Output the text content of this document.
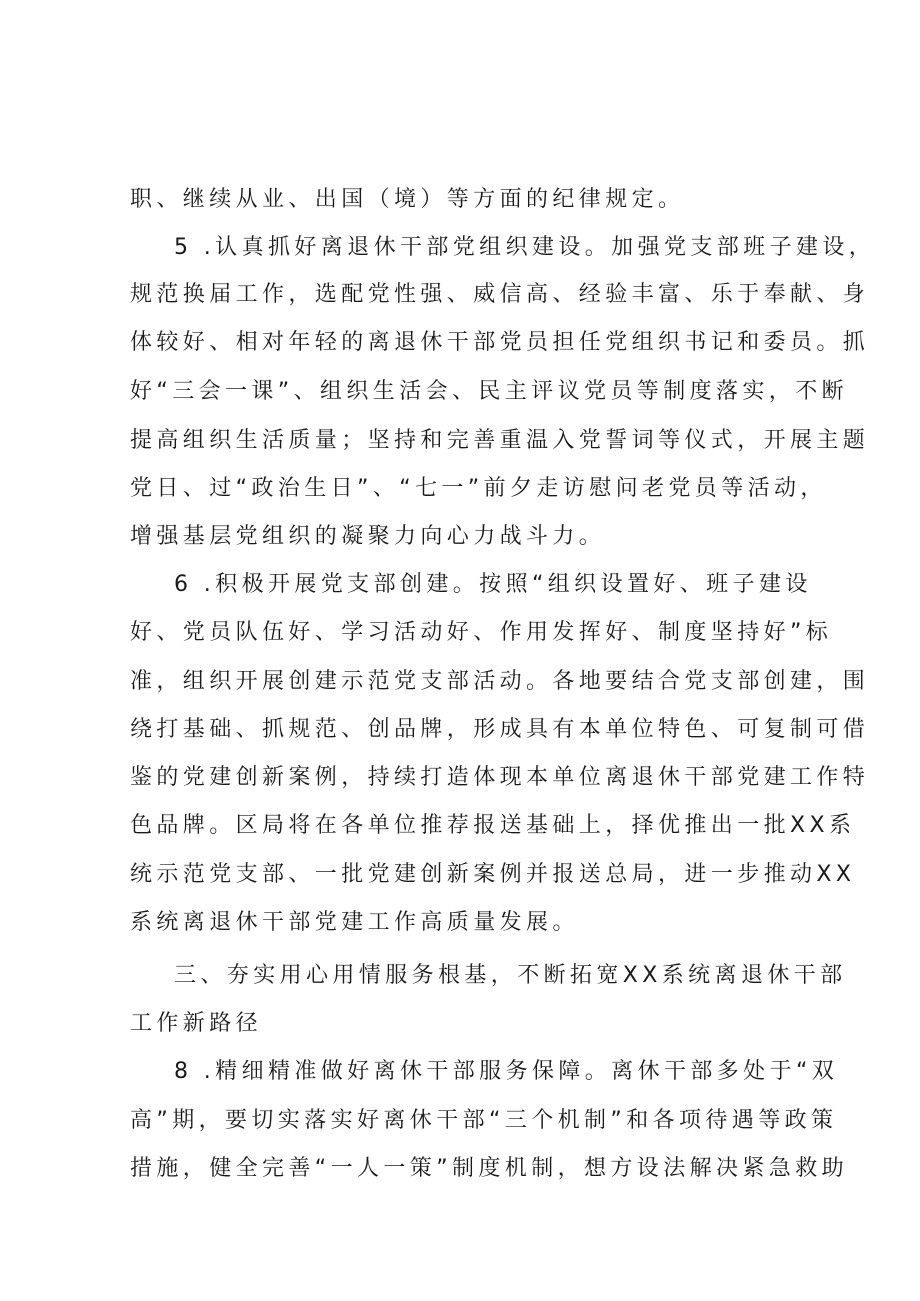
职、继续从业、出国（境）等方面的纪律规定。
5 .认真抓好离退休干部党组织建设。加强党支部班子建设，
规范换届工作，选配党性强、威信高、经验丰富、乐于奉献、身
体较好、相对年轻的离退休干部党员担任党组织书记和委员。抓
好“三会一课”、组织生活会、民主评议党员等制度落实，不断
提高组织生活质量；坚持和完善重温入党誓词等仪式，开展主题
党日、过“政治生日”、“七一”前夕走访慰问老党员等活动，
增强基层党组织的凝聚力向心力战斗力。
6 .积极开展党支部创建。按照“组织设置好、班子建设
好、党员队伍好、学习活动好、作用发挥好、制度坚持好”标
准，组织开展创建示范党支部活动。各地要结合党支部创建，围
绕打基础、抓规范、创品牌，形成具有本单位特色、可复制可借
鉴的党建创新案例，持续打造体现本单位离退休干部党建工作特
色品牌。区局将在各单位推荐报送基础上，择优推出一批XX系
统示范党支部、一批党建创新案例并报送总局，进一步推动XX
系统离退休干部党建工作高质量发展。
三、夯实用心用情服务根基，不断拓宽XX系统离退休干部
工作新路径
8 .精细精准做好离休干部服务保障。离休干部多处于“双
高”期，要切实落实好离休干部“三个机制”和各项待遇等政策
措施，健全完善“一人一策”制度机制，想方设法解决紧急救助
